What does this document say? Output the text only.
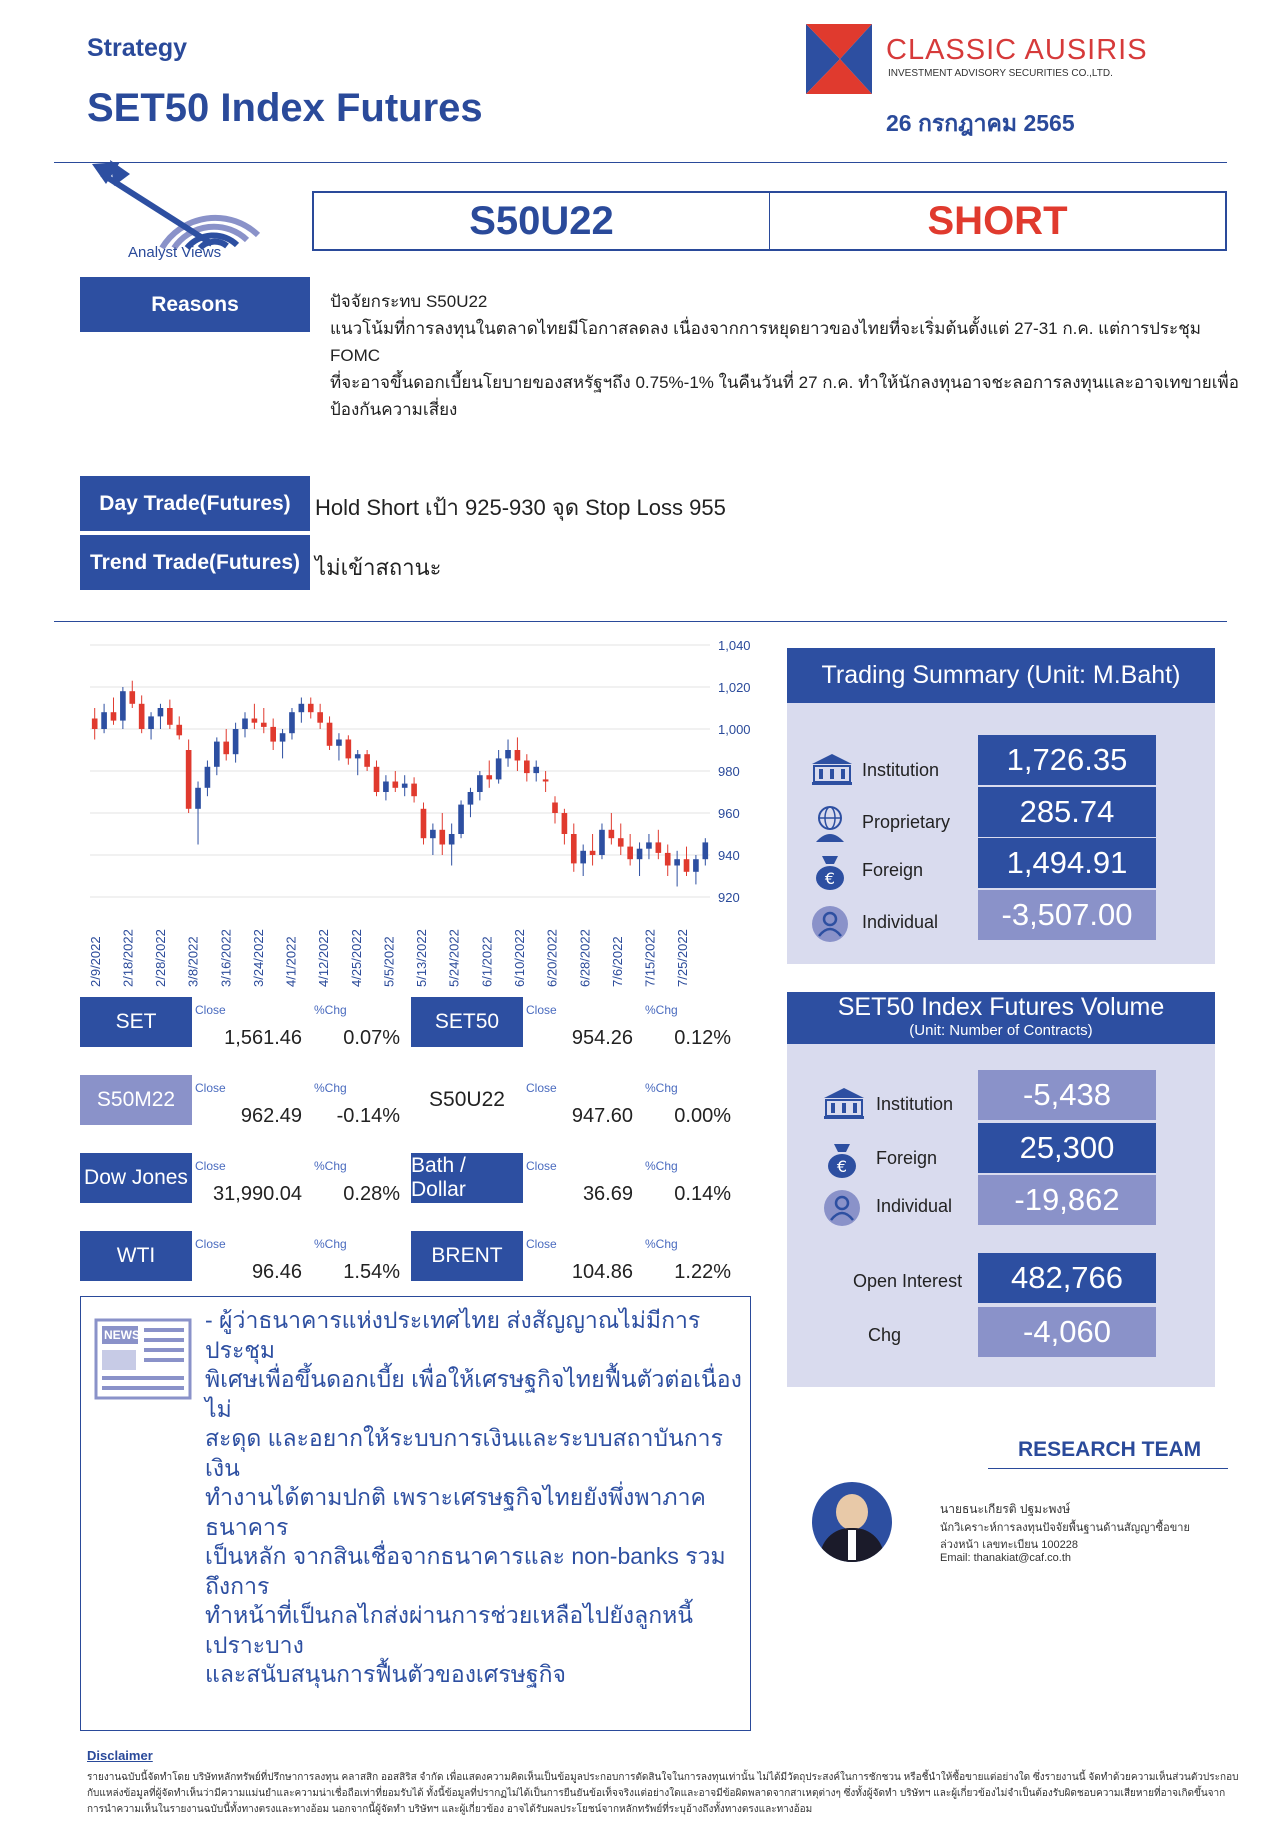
Strategy
SET50 Index Futures
CLASSIC AUSIRIS
INVESTMENT ADVISORY SECURITIES CO.,LTD.
26 กรกฎาคม 2565
Analyst Views
S50U22	SHORT
Reasons	ปัจจัยกระทบ S50U22
แนวโน้มที่การลงทุนในตลาดไทยมีโอกาสลดลง เนื่องจากการหยุดยาวของไทยที่จะเริ่มต้นตั้งแต่ 27-31 ก.ค. แต่การประชุม FOMC
ที่จะอาจขึ้นดอกเบี้ยนโยบายของสหรัฐฯถึง 0.75%-1% ในคืนวันที่ 27 ก.ค. ทำให้นักลงทุนอาจชะลอการลงทุนและอาจเทขายเพื่อ
ป้องกันความเสี่ยง
Day Trade(Futures)	Hold Short เป้า 925-930 จุด Stop Loss 955
Trend Trade(Futures) ไม่เข้าสถานะ
1,040
1,020
1,000
980
960
940
920
2/9/2022 2/18/2022 2/28/2022 3/8/2022 3/16/2022 3/24/2022 4/1/2022 4/12/2022 4/25/2022 5/5/2022 5/13/2022 5/24/2022 6/1/2022 6/10/2022 6/20/2022 6/28/2022 7/6/2022 7/15/2022 7/25/2022
SET	Close	%Chg
1,561.46	0.07%
SET50	Close	%Chg
954.26	0.12%
S50M22	Close	%Chg
962.49	-0.14%
S50U22	Close	%Chg
947.60	0.00%
Dow Jones Close	%Chg
31,990.04	0.28%
Bath / Dollar
Close	%Chg
36.69	0.14%
WTI	Close	%Chg
96.46	1.54%
BRENT	Close	%Chg
104.86	1.22%
Trading Summary (Unit: M.Baht)
Institution	1,726.35
Proprietary	285.74
€ Foreign	1,494.91
Individual	-3,507.00
SET50 Index Futures Volume
(Unit: Number of Contracts)
Institution	-5,438
€ Foreign	25,300
Individual	-19,862
Open Interest	482,766
Chg	-4,060
NEWS
- ผู้ว่าธนาคารแห่งประเทศไทย ส่งสัญญาณไม่มีการประชุม
พิเศษเพื่อขึ้นดอกเบี้ย เพื่อให้เศรษฐกิจไทยฟื้นตัวต่อเนื่อง ไม่
สะดุด และอยากให้ระบบการเงินและระบบสถาบันการเงิน
ทำงานได้ตามปกติ เพราะเศรษฐกิจไทยยังพึ่งพาภาคธนาคาร
เป็นหลัก จากสินเชื่อจากธนาคารและ non-banks รวมถึงการ
ทำหน้าที่เป็นกลไกส่งผ่านการช่วยเหลือไปยังลูกหนี้เปราะบาง
และสนับสนุนการฟื้นตัวของเศรษฐกิจ
RESEARCH TEAM
นายธนะเกียรติ ปฐมะพงษ์
นักวิเคราะห์การลงทุนปัจจัยพื้นฐานด้านสัญญาซื้อขาย
ล่วงหน้า เลขทะเบียน 100228
Email: thanakiat@caf.co.th
Disclaimer
รายงานฉบับนี้จัดทำโดย บริษัทหลักทรัพย์ที่ปรึกษาการลงทุน คลาสสิก ออสสิริส จำกัด เพื่อแสดงความคิดเห็นเป็นข้อมูลประกอบการตัดสินใจในการลงทุนเท่านั้น ไม่ได้มีวัตถุประสงค์ในการชักชวน หรือชี้นำให้ซื้อขายแต่อย่างใด ซึ่งรายงานนี้ จัดทำด้วยความเห็นส่วนตัวประกอบกับแหล่งข้อมูลที่ผู้จัดทำเห็นว่ามีความแม่นยำและความน่าเชื่อถือเท่าที่ยอมรับได้ ทั้งนี้ข้อมูลที่ปรากฏไม่ได้เป็นการยืนยันข้อเท็จจริงแต่อย่างใดและอาจมีข้อผิดพลาดจากสาเหตุต่างๆ ซึ่งทั้งผู้จัดทำ บริษัทฯ และผู้เกี่ยวข้องไม่จำเป็นต้องรับผิดชอบความเสียหายที่อาจเกิดขึ้นจากการนำความเห็นในรายงานฉบับนี้ทั้งทางตรงและทางอ้อม นอกจากนี้ผู้จัดทำ บริษัทฯ และผู้เกี่ยวข้อง อาจได้รับผลประโยชน์จากหลักทรัพย์ที่ระบุอ้างถึงทั้งทางตรงและทางอ้อม
